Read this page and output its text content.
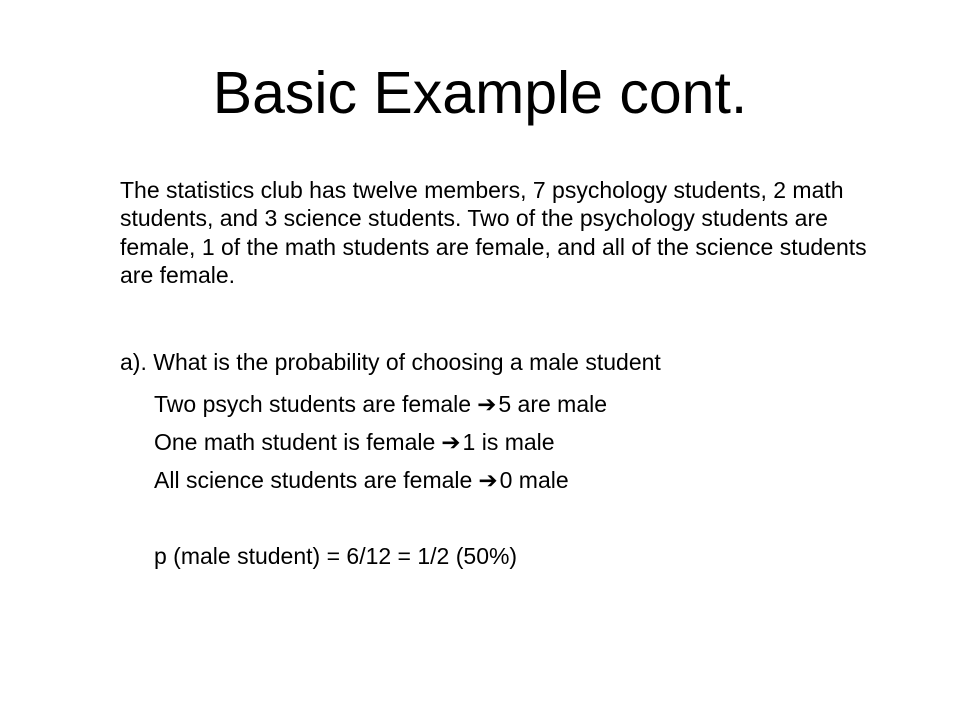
Basic Example cont.

The statistics club has twelve members, 7 psychology students, 2 math students, and 3 science students. Two of the psychology students are female, 1 of the math students are female, and all of the science students are female.

a). What is the probability of choosing a male student

Two psych students are female ➔5 are male

One math student is female ➔1 is male

All science students are female ➔0 male

p (male student) = 6/12 = 1/2 (50%)
